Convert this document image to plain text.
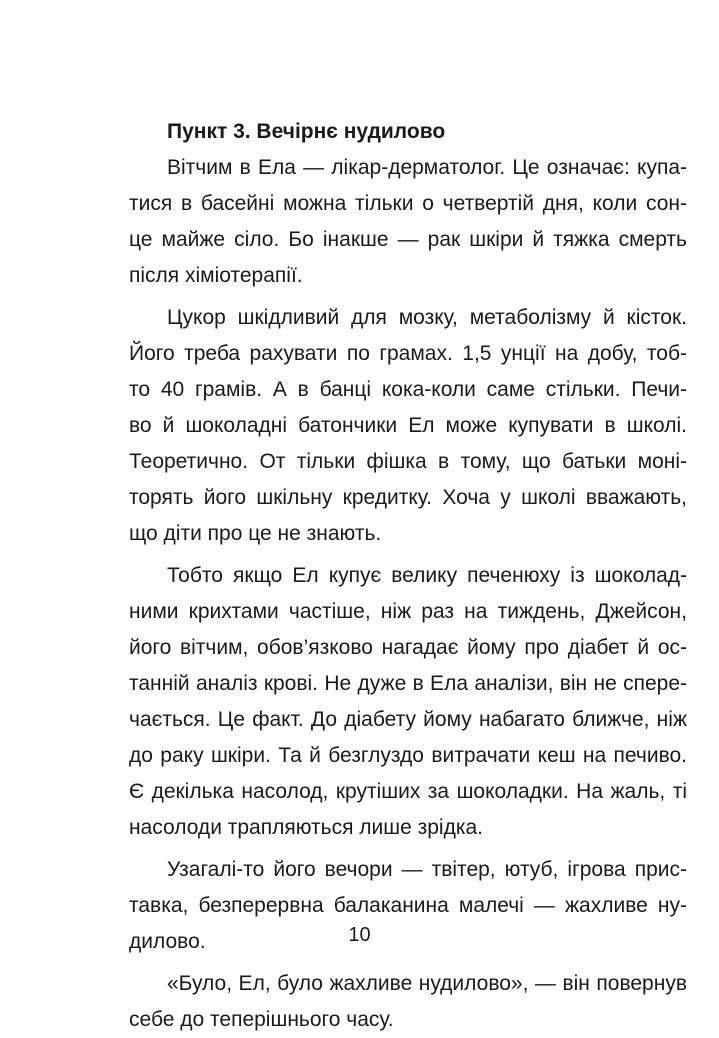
Пункт 3. Вечірнє нудилово
Вітчим в Ела — лікар-дерматолог. Це означає: купа-
тися в басейні можна тільки о четвертій дня, коли сон-
це майже сіло. Бо інакше — рак шкіри й тяжка смерть
після хіміотерапії.
Цукор шкідливий для мозку, метаболізму й кісток.
Його треба рахувати по грамах. 1,5 унції на добу, тоб-
то 40 грамів. А в банці кока-коли саме стільки. Печи-
во й шоколадні батончики Ел може купувати в школі.
Теоретично. От тільки фішка в тому, що батьки моні-
торять його шкільну кредитку. Хоча у школі вважають,
що діти про це не знають.
Тобто якщо Ел купує велику печенюху із шоколад-
ними крихтами частіше, ніж раз на тиждень, Джейсон,
його вітчим, обов’язково нагадає йому про діабет й ос-
танній аналіз крові. Не дуже в Ела аналізи, він не спере-
чається. Це факт. До діабету йому набагато ближче, ніж
до раку шкіри. Та й безглуздо витрачати кеш на печиво.
Є декілька насолод, крутіших за шоколадки. На жаль, ті
насолоди трапляються лише зрідка.
Узагалі-то його вечори — твітер, ютуб, ігрова прис-
тавка, безперервна балаканина малечі — жахливе ну-
дилово.
«Було, Ел, було жахливе нудилово», — він повернув
себе до теперішнього часу.
10
